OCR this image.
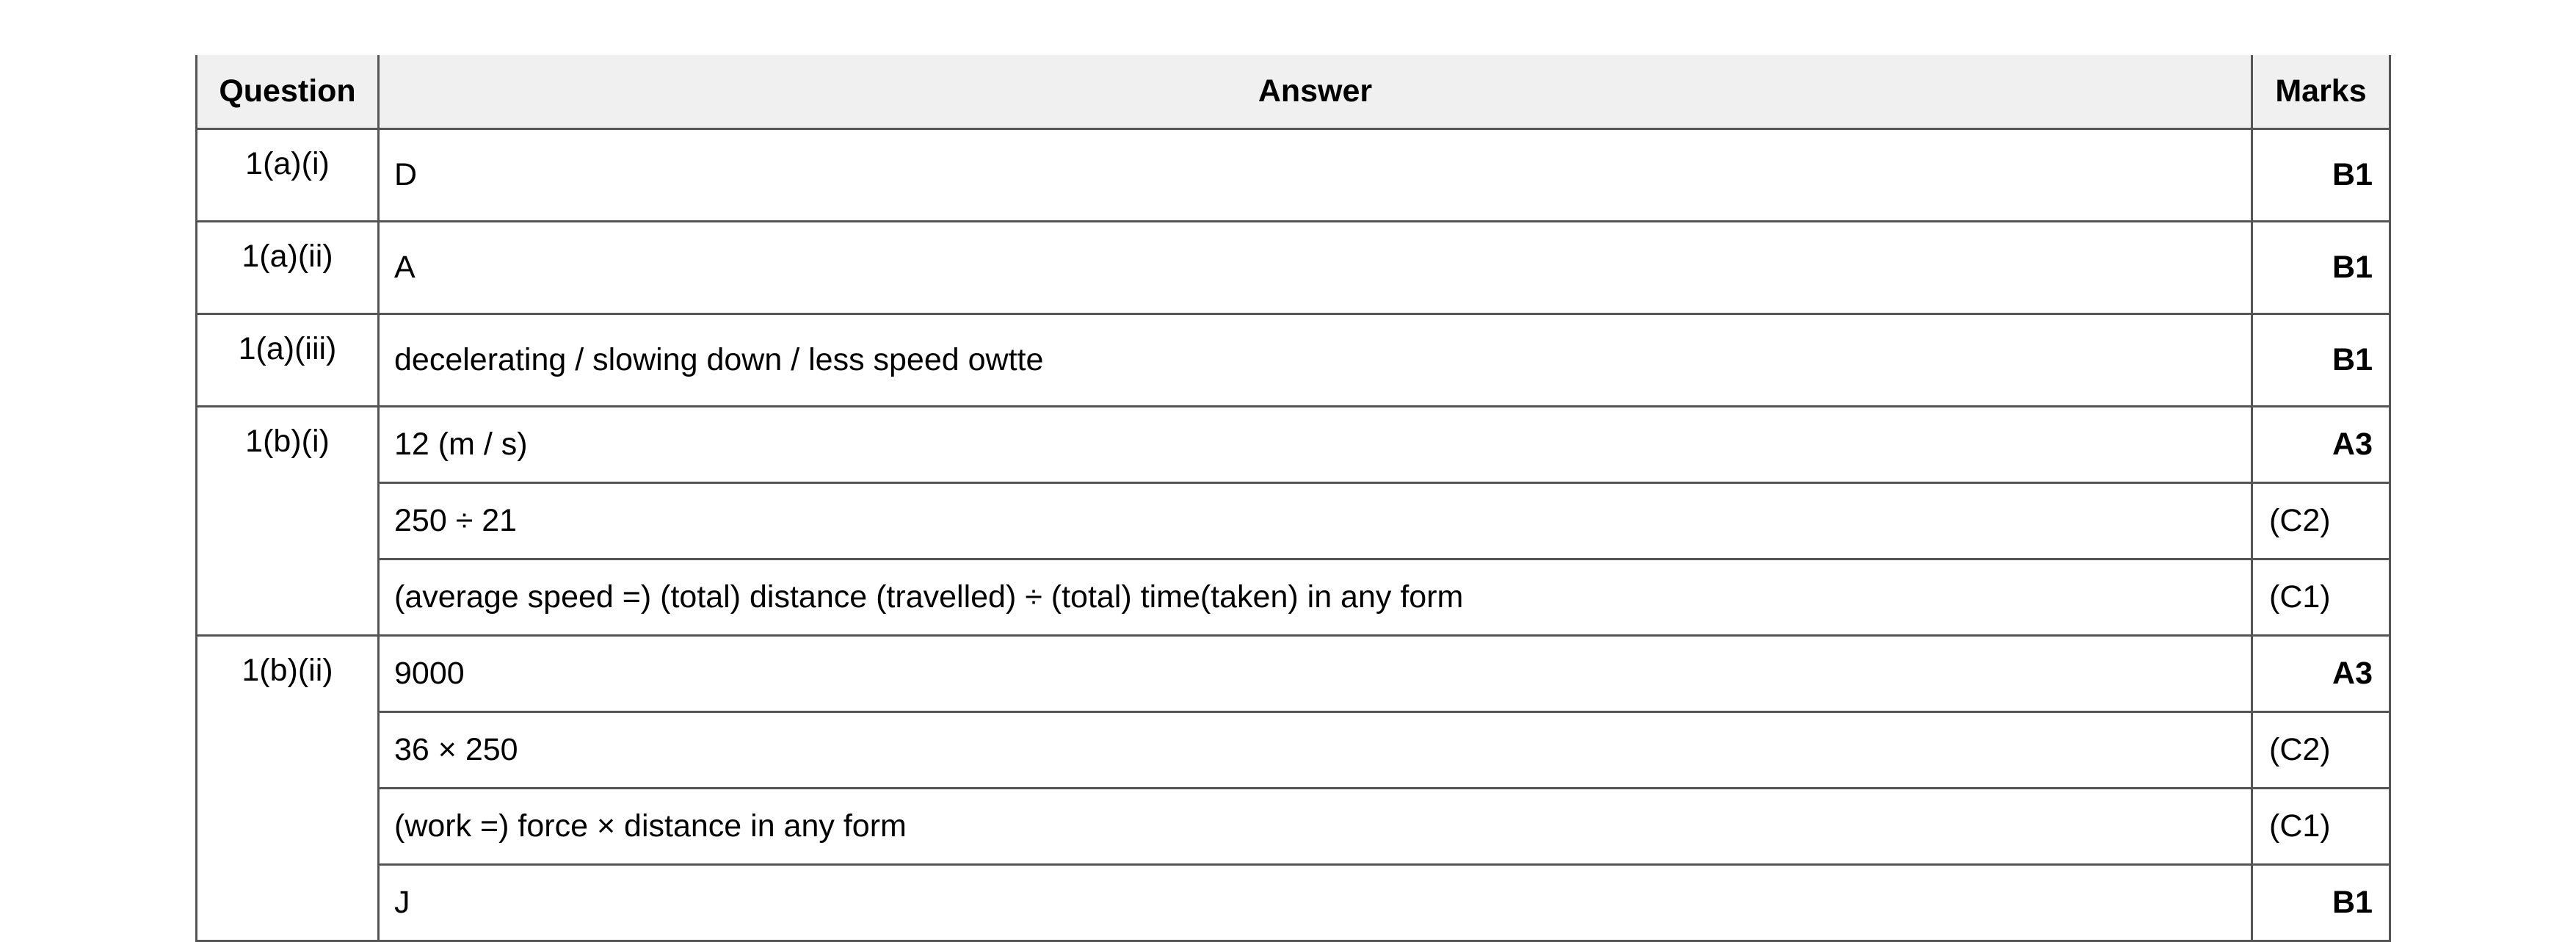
Question	Answer	Marks
1(a)(i)	D	B1
1(a)(ii)	A	B1
1(a)(iii)	decelerating / slowing down / less speed owtte	B1
1(b)(i)	12 (m / s)	A3
	250 ÷ 21	(C2)
	(average speed =) (total) distance (travelled) ÷ (total) time(taken) in any form	(C1)
1(b)(ii)	9000	A3
	36 × 250	(C2)
	(work =) force × distance in any form	(C1)
	J	B1
